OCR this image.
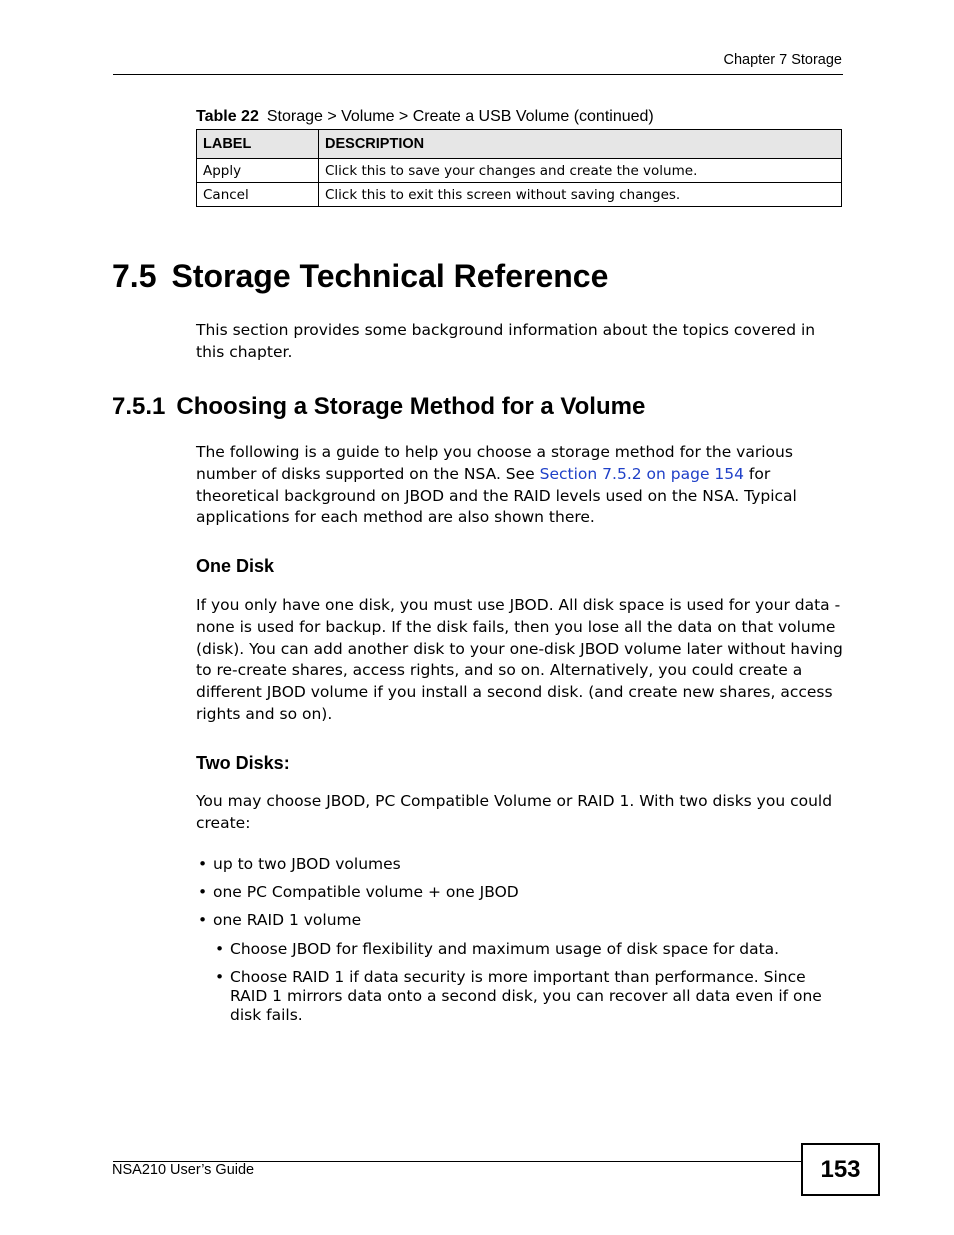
Chapter 7 Storage
Table 22 Storage > Volume > Create a USB Volume (continued)
LABEL	DESCRIPTION
Apply	Click this to save your changes and create the volume.
Cancel	Click this to exit this screen without saving changes.
7.5 Storage Technical Reference

This section provides some background information about the topics covered in this chapter.

7.5.1 Choosing a Storage Method for a Volume

The following is a guide to help you choose a storage method for the various number of disks supported on the NSA. See Section 7.5.2 on page 154 for theoretical background on JBOD and the RAID levels used on the NSA. Typical applications for each method are also shown there.

One Disk

If you only have one disk, you must use JBOD. All disk space is used for your data - none is used for backup. If the disk fails, then you lose all the data on that volume (disk). You can add another disk to your one-disk JBOD volume later without having to re-create shares, access rights, and so on. Alternatively, you could create a different JBOD volume if you install a second disk. (and create new shares, access rights and so on).

Two Disks:

You may choose JBOD, PC Compatible Volume or RAID 1. With two disks you could create:

• up to two JBOD volumes
• one PC Compatible volume + one JBOD
• one RAID 1 volume
• Choose JBOD for flexibility and maximum usage of disk space for data.
• Choose RAID 1 if data security is more important than performance. Since RAID 1 mirrors data onto a second disk, you can recover all data even if one disk fails.
NSA210 User’s Guide	153
